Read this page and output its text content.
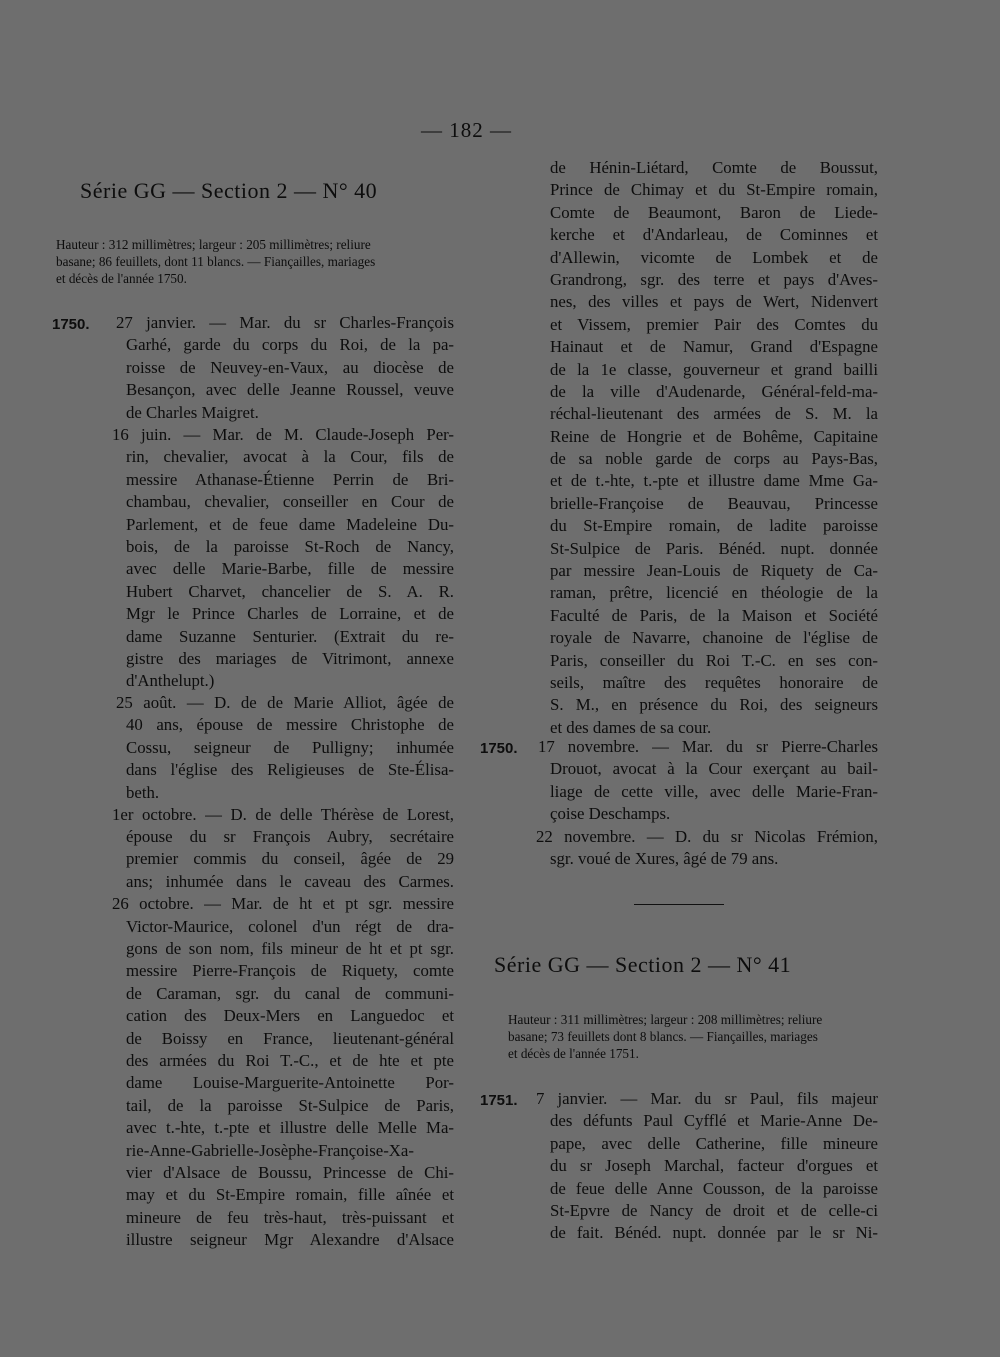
— 182 —
Série GG — Section 2 — N° 40
Hauteur : 312 millimètres; largeur : 205 millimètres; reliure
basane; 86 feuillets, dont 11 blancs. — Fiançailles, mariages
et décès de l'année 1750.
1750. 27 janvier. — Mar. du sr Charles-François
Garhé, garde du corps du Roi, de la pa-
roisse de Neuvey-en-Vaux, au diocèse de
Besançon, avec delle Jeanne Roussel, veuve
de Charles Maigret.
16 juin. — Mar. de M. Claude-Joseph Per-
rin, chevalier, avocat à la Cour, fils de
messire Athanase-Étienne Perrin de Bri-
chambau, chevalier, conseiller en Cour de
Parlement, et de feue dame Madeleine Du-
bois, de la paroisse St-Roch de Nancy,
avec delle Marie-Barbe, fille de messire
Hubert Charvet, chancelier de S. A. R.
Mgr le Prince Charles de Lorraine, et de
dame Suzanne Senturier. (Extrait du re-
gistre des mariages de Vitrimont, annexe
d'Anthelupt.)
25 août. — D. de de Marie Alliot, âgée de
40 ans, épouse de messire Christophe de
Cossu, seigneur de Pulligny; inhumée
dans l'église des Religieuses de Ste-Élisa-
beth.
1er octobre. — D. de delle Thérèse de Lorest,
épouse du sr François Aubry, secrétaire
premier commis du conseil, âgée de 29
ans; inhumée dans le caveau des Carmes.
26 octobre. — Mar. de ht et pt sgr. messire
Victor-Maurice, colonel d'un régt de dra-
gons de son nom, fils mineur de ht et pt sgr.
messire Pierre-François de Riquety, comte
de Caraman, sgr. du canal de communi-
cation des Deux-Mers en Languedoc et
de Boissy en France, lieutenant-général
des armées du Roi T.-C., et de hte et pte
dame Louise-Marguerite-Antoinette Por-
tail, de la paroisse St-Sulpice de Paris,
avec t.-hte, t.-pte et illustre delle Melle Ma-
rie-Anne-Gabrielle-Josèphe-Françoise-Xa-
vier d'Alsace de Boussu, Princesse de Chi-
may et du St-Empire romain, fille aînée et
mineure de feu très-haut, très-puissant et
illustre seigneur Mgr Alexandre d'Alsace
de Hénin-Liétard, Comte de Boussut,
Prince de Chimay et du St-Empire romain,
Comte de Beaumont, Baron de Liede-
kerche et d'Andarleau, de Cominnes et
d'Allewin, vicomte de Lombek et de
Grandrong, sgr. des terre et pays d'Aves-
nes, des villes et pays de Wert, Nidenvert
et Vissem, premier Pair des Comtes du
Hainaut et de Namur, Grand d'Espagne
de la 1e classe, gouverneur et grand bailli
de la ville d'Audenarde, Général-feld-ma-
réchal-lieutenant des armées de S. M. la
Reine de Hongrie et de Bohême, Capitaine
de sa noble garde de corps au Pays-Bas,
et de t.-hte, t.-pte et illustre dame Mme Ga-
brielle-Françoise de Beauvau, Princesse
du St-Empire romain, de ladite paroisse
St-Sulpice de Paris. Bénéd. nupt. donnée
par messire Jean-Louis de Riquety de Ca-
raman, prêtre, licencié en théologie de la
Faculté de Paris, de la Maison et Société
royale de Navarre, chanoine de l'église de
Paris, conseiller du Roi T.-C. en ses con-
seils, maître des requêtes honoraire de
S. M., en présence du Roi, des seigneurs
et des dames de sa cour.
1750. 17 novembre. — Mar. du sr Pierre-Charles
Drouot, avocat à la Cour exerçant au bail-
liage de cette ville, avec delle Marie-Fran-
çoise Deschamps.
22 novembre. — D. du sr Nicolas Frémion,
sgr. voué de Xures, âgé de 79 ans.
Série GG — Section 2 — N° 41
Hauteur : 311 millimètres; largeur : 208 millimètres; reliure
basane; 73 feuillets dont 8 blancs. — Fiançailles, mariages
et décès de l'année 1751.
1751. 7 janvier. — Mar. du sr Paul, fils majeur
des défunts Paul Cyfflé et Marie-Anne De-
pape, avec delle Catherine, fille mineure
du sr Joseph Marchal, facteur d'orgues et
de feue delle Anne Cousson, de la paroisse
St-Epvre de Nancy de droit et de celle-ci
de fait. Bénéd. nupt. donnée par le sr Ni-
